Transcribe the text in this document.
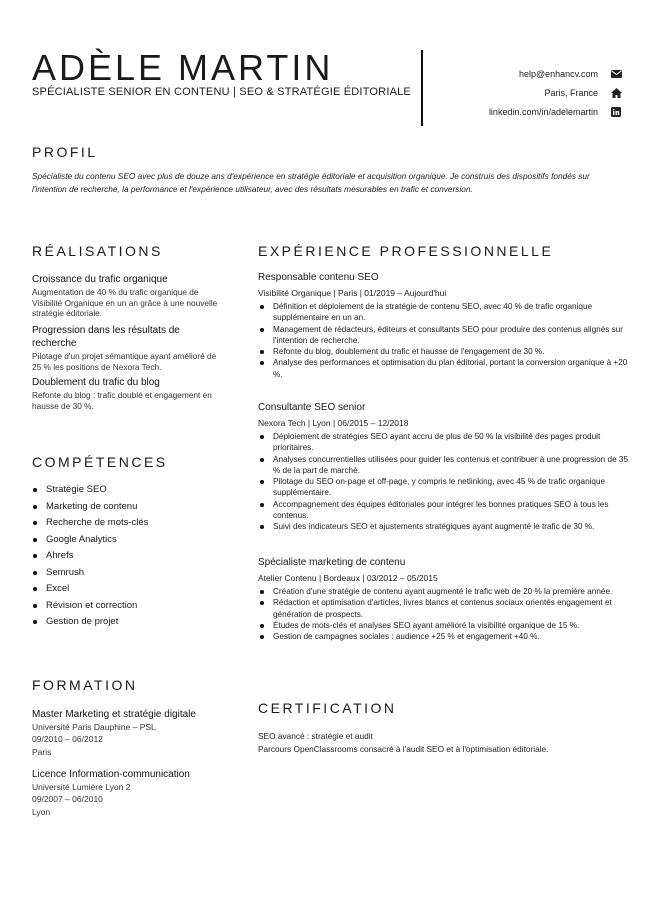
ADÈLE MARTIN
SPÉCIALISTE SENIOR EN CONTENU | SEO & STRATÉGIE ÉDITORIALE
help@enhancv.com
Paris, France
linkedin.com/in/adelemartin
PROFIL
Spécialiste du contenu SEO avec plus de douze ans d'expérience en stratégie éditoriale et acquisition organique. Je construis des dispositifs fondés sur l'intention de recherche, la performance et l'expérience utilisateur, avec des résultats mesurables en trafic et conversion.
RÉALISATIONS
Croissance du trafic organique
Augmentation de 40 % du trafic organique de Visibilité Organique en un an grâce à une nouvelle stratégie éditoriale.
Progression dans les résultats de recherche
Pilotage d'un projet sémantique ayant amélioré de 25 % les positions de Nexora Tech.
Doublement du trafic du blog
Refonte du blog : trafic doublé et engagement en hausse de 30 %.
COMPÉTENCES
Stratégie SEO
Marketing de contenu
Recherche de mots-clés
Google Analytics
Ahrefs
Semrush
Excel
Révision et correction
Gestion de projet
FORMATION
Master Marketing et stratégie digitale
Université Paris Dauphine – PSL
09/2010 – 06/2012
Paris
Licence Information-communication
Université Lumière Lyon 2
09/2007 – 06/2010
Lyon
EXPÉRIENCE PROFESSIONNELLE
Responsable contenu SEO
Visibilité Organique | Paris | 01/2019 – Aujourd'hui
Définition et déploiement de la stratégie de contenu SEO, avec 40 % de trafic organique supplémentaire en un an.
Management de rédacteurs, éditeurs et consultants SEO pour produire des contenus alignés sur l'intention de recherche.
Refonte du blog, doublement du trafic et hausse de l'engagement de 30 %.
Analyse des performances et optimisation du plan éditorial, portant la conversion organique à +20 %.
Consultante SEO senior
Nexora Tech | Lyon | 06/2015 – 12/2018
Déploiement de stratégies SEO ayant accru de plus de 50 % la visibilité des pages produit prioritaires.
Analyses concurrentielles utilisées pour guider les contenus et contribuer à une progression de 35 % de la part de marché.
Pilotage du SEO on-page et off-page, y compris le netlinking, avec 45 % de trafic organique supplémentaire.
Accompagnement des équipes éditoriales pour intégrer les bonnes pratiques SEO à tous les contenus.
Suivi des indicateurs SEO et ajustements stratégiques ayant augmenté le trafic de 30 %.
Spécialiste marketing de contenu
Atelier Contenu | Bordeaux | 03/2012 – 05/2015
Création d'une stratégie de contenu ayant augmenté le trafic web de 20 % la première année.
Rédaction et optimisation d'articles, livres blancs et contenus sociaux orientés engagement et génération de prospects.
Études de mots-clés et analyses SEO ayant amélioré la visibilité organique de 15 %.
Gestion de campagnes sociales : audience +25 % et engagement +40 %.
CERTIFICATION
SEO avancé : stratégie et audit
Parcours OpenClassrooms consacré à l'audit SEO et à l'optimisation éditoriale.
